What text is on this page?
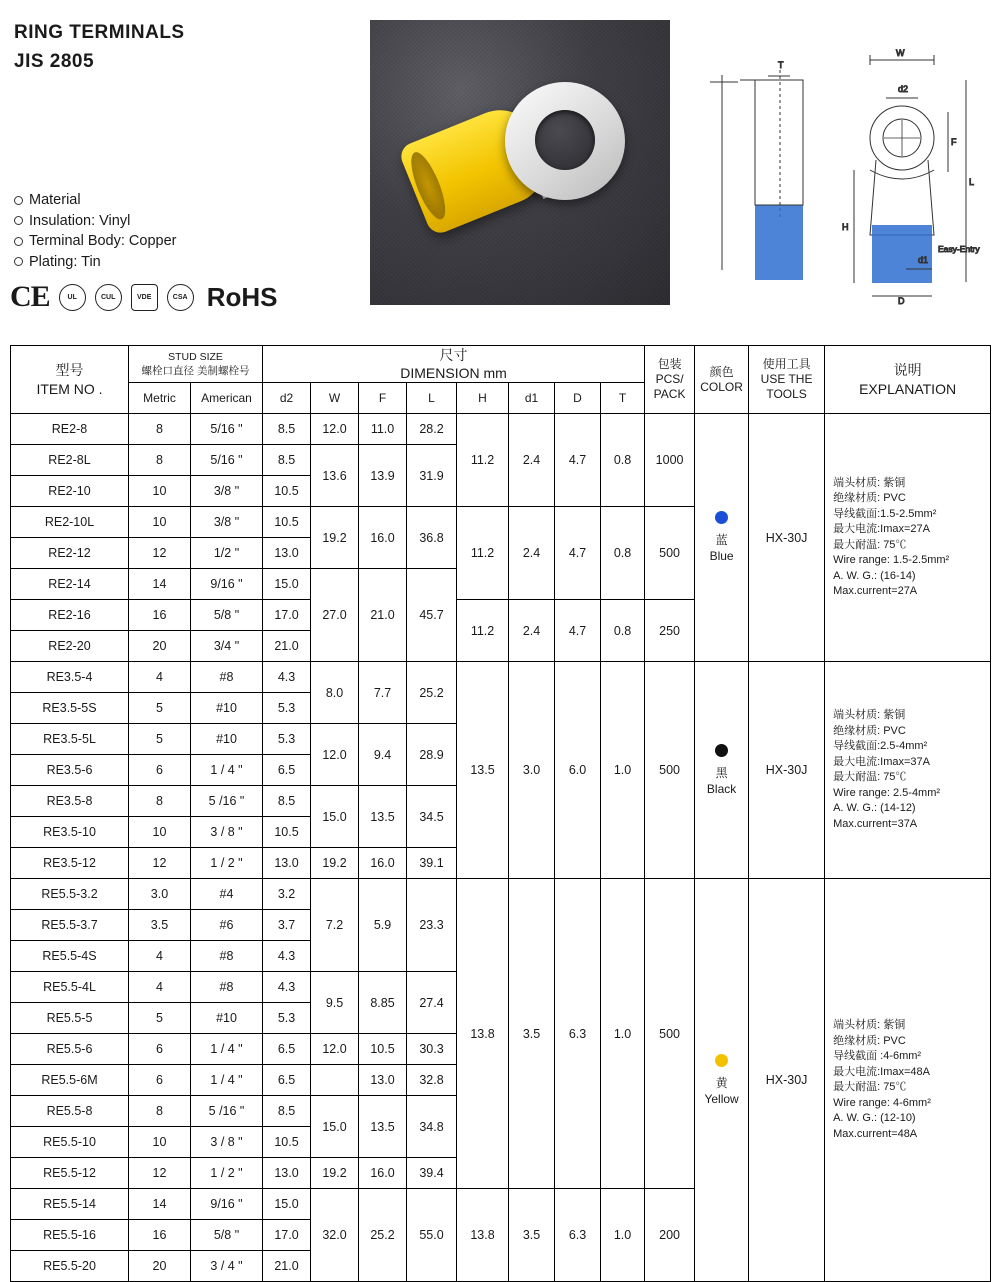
RING TERMINALS
JIS 2805
Material
Insulation: Vinyl
Terminal Body: Copper
Plating: Tin
CE	UL	CUL	VDE	CSA RoHS
T
W
d2
F
L
H
d1
D
Easy-Entry
型号
ITEM NO .

STUD SIZE
螺栓口直径 美制螺栓号

尺寸
DIMENSION mm

包装
PCS/
PACK

颜色
COLOR

使用工具
USE THE
TOOLS

说明
EXPLANATION

	Metric	American	d2	W	F	L	H	d1	D	T				
RE2-8	8	5/16 "	8.5	12.0	11.0	28.2	11.2	2.4	4.7	0.8	1000	
蓝
Blue
	HX-30J	
端头材质: 紫铜
绝缘材质: PVC
导线截面:1.5-2.5mm²
最大电流:Imax=27A
最大耐温: 75℃
Wire range: 1.5-2.5mm²
A. W. G.: (16-14)
Max.current=27A

RE2-8L	8	5/16 "	8.5	13.6	13.9	31.9								
RE2-10	10	3/8 "	10.5											
RE2-10L	10	3/8 "	10.5	19.2	16.0	36.8	11.2	2.4	4.7	0.8	500			
RE2-12	12	1/2 "	13.0											
RE2-14	14	9/16 "	15.0	27.0	21.0	45.7								
RE2-16	16	5/8 "	17.0				11.2	2.4	4.7	0.8	250			
RE2-20	20	3/4 "	21.0											
RE3.5-4	4	#8	4.3	8.0	7.7	25.2	13.5	3.0	6.0	1.0	500	黑
Black
	HX-30J	
端头材质: 紫铜
绝缘材质: PVC
导线截面:2.5-4mm²
最大电流:Imax=37A
最大耐温: 75℃
Wire range: 2.5-4mm²
A. W. G.: (14-12)
Max.current=37A

RE3.5-5S	5	#10	5.3											
RE3.5-5L	5	#10	5.3	12.0	9.4	28.9								
RE3.5-6	6	1 / 4 "	6.5											
RE3.5-8	8	5 /16 "	8.5	15.0	13.5	34.5								
RE3.5-10	10	3 / 8 "	10.5											
RE3.5-12	12	1 / 2 "	13.0	19.2	16.0	39.1								
RE5.5-3.2	3.0	#4	3.2	7.2	5.9	23.3	13.8	3.5	6.3	1.0	500	
黄
Yellow
	HX-30J	
端头材质: 紫铜
绝缘材质: PVC
导线截面 :4-6mm²
最大电流:Imax=48A
最大耐温: 75℃
Wire range: 4-6mm²
A. W. G.: (12-10)
Max.current=48A

RE5.5-3.7	3.5	#6	3.7											
RE5.5-4S	4	#8	4.3											
RE5.5-4L	4	#8	4.3	9.5	8.85	27.4								
RE5.5-5	5	#10	5.3											
RE5.5-6	6	1 / 4 "	6.5	12.0	10.5	30.3								
RE5.5-6M	6	1 / 4 "	6.5		13.0	32.8								
RE5.5-8	8	5 /16 "	8.5	15.0	13.5	34.8								
RE5.5-10	10	3 / 8 "	10.5											
RE5.5-12	12	1 / 2 "	13.0	19.2	16.0	39.4								
RE5.5-14	14	9/16 "	15.0	32.0	25.2	55.0	13.8	3.5	6.3	1.0	200			
RE5.5-16	16	5/8 "	17.0											
RE5.5-20	20	3 / 4 "	21.0											
